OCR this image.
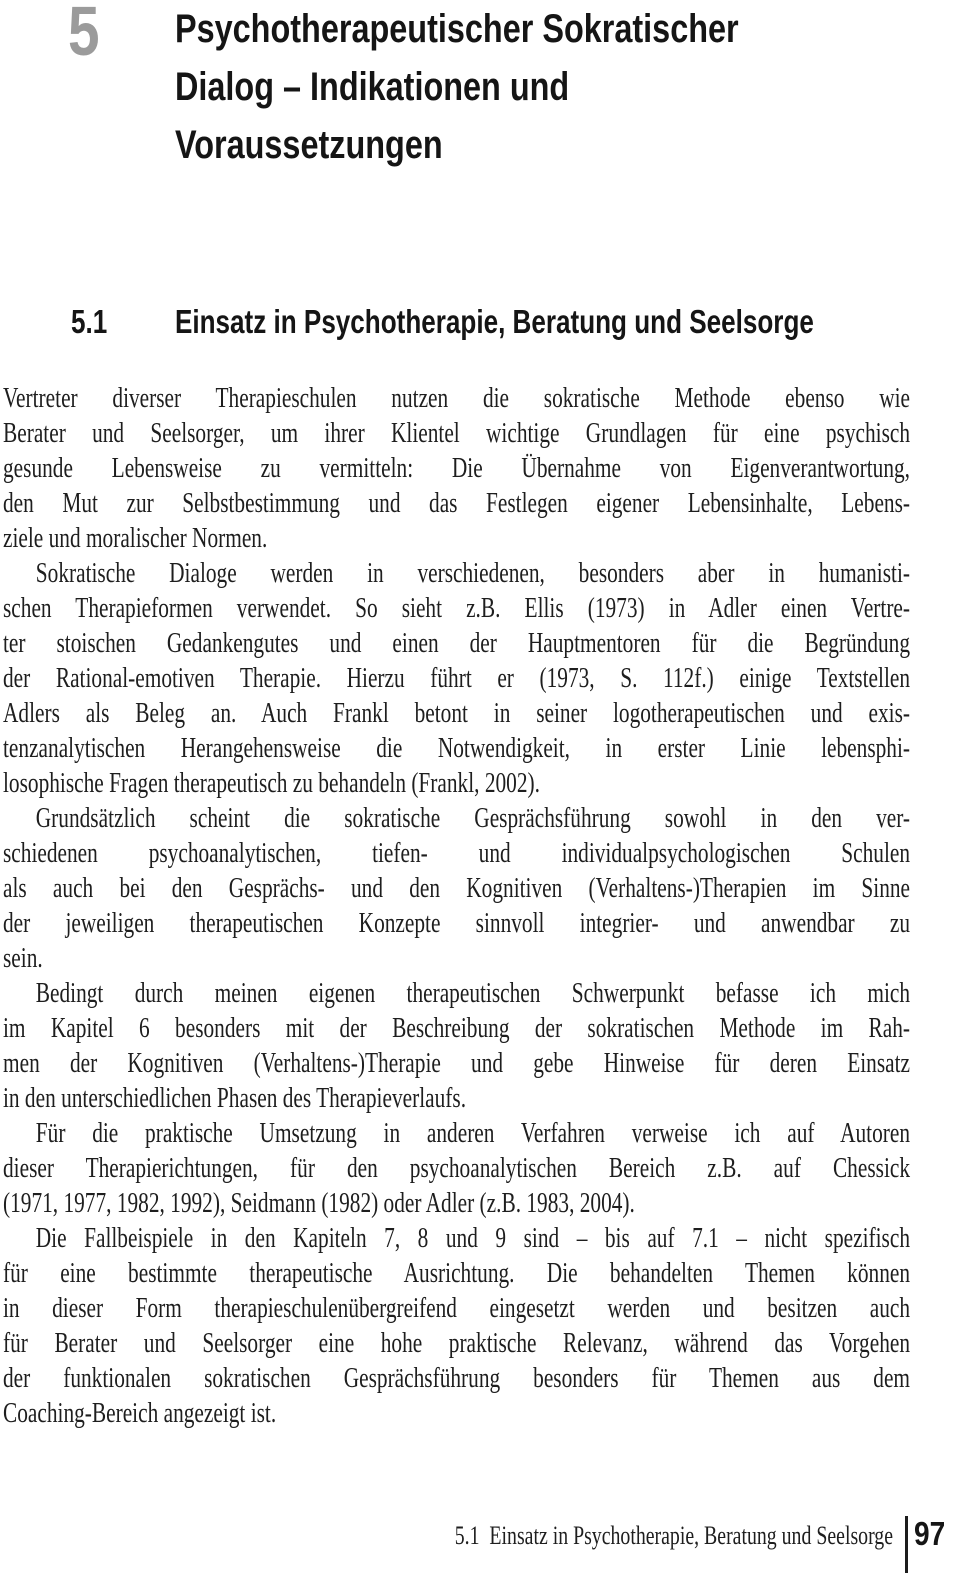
5 Psychotherapeutischer Sokratischer
Dialog – Indikationen und
Voraussetzungen
5.1 Einsatz in Psychotherapie, Beratung und Seelsorge
Vertreter diverser Therapieschulen nutzen die sokratische Methode ebenso wie
Berater und Seelsorger, um ihrer Klientel wichtige Grundlagen für eine psychisch
gesunde Lebensweise zu vermitteln: Die Übernahme von Eigenverantwortung,
den Mut zur Selbstbestimmung und das Festlegen eigener Lebensinhalte, Lebens-
ziele und moralischer Normen.
Sokratische Dialoge werden in verschiedenen, besonders aber in humanisti-
schen Therapieformen verwendet. So sieht z.B. Ellis (1973) in Adler einen Vertre-
ter stoischen Gedankengutes und einen der Hauptmentoren für die Begründung
der Rational-emotiven Therapie. Hierzu führt er (1973, S. 112f.) einige Textstellen
Adlers als Beleg an. Auch Frankl betont in seiner logotherapeutischen und exis-
tenzanalytischen Herangehensweise die Notwendigkeit, in erster Linie lebensphi-
losophische Fragen therapeutisch zu behandeln (Frankl, 2002).
Grundsätzlich scheint die sokratische Gesprächsführung sowohl in den ver-
schiedenen psychoanalytischen, tiefen- und individualpsychologischen Schulen
als auch bei den Gesprächs- und den Kognitiven (Verhaltens-)Therapien im Sinne
der jeweiligen therapeutischen Konzepte sinnvoll integrier- und anwendbar zu
sein.
Bedingt durch meinen eigenen therapeutischen Schwerpunkt befasse ich mich
im Kapitel 6 besonders mit der Beschreibung der sokratischen Methode im Rah-
men der Kognitiven (Verhaltens-)Therapie und gebe Hinweise für deren Einsatz
in den unterschiedlichen Phasen des Therapieverlaufs.
Für die praktische Umsetzung in anderen Verfahren verweise ich auf Autoren
dieser Therapierichtungen, für den psychoanalytischen Bereich z.B. auf Chessick
(1971, 1977, 1982, 1992), Seidmann (1982) oder Adler (z.B. 1983, 2004).
Die Fallbeispiele in den Kapiteln 7, 8 und 9 sind – bis auf 7.1 – nicht spezifisch
für eine bestimmte therapeutische Ausrichtung. Die behandelten Themen können
in dieser Form therapieschulenübergreifend eingesetzt werden und besitzen auch
für Berater und Seelsorger eine hohe praktische Relevanz, während das Vorgehen
der funktionalen sokratischen Gesprächsführung besonders für Themen aus dem
Coaching-Bereich angezeigt ist.
5.1 Einsatz in Psychotherapie, Beratung und Seelsorge 97
